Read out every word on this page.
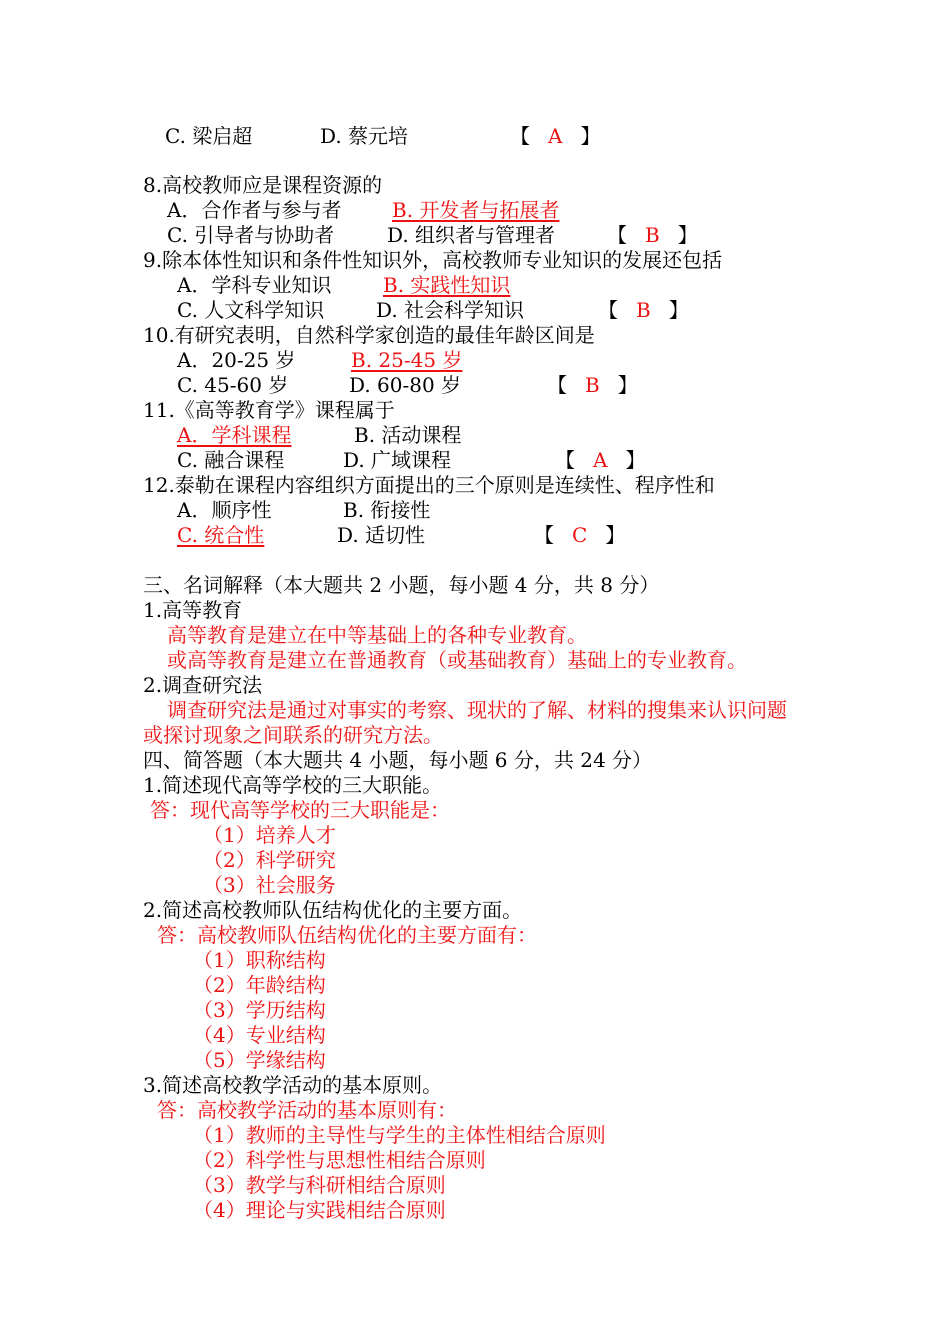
C. 梁启超	D. 蔡元培	【 A 】
8.高校教师应是课程资源的
A．合作者与参与者	B. 开发者与拓展者
C. 引导者与协助者	D. 组织者与管理者	【 B 】
9.除本体性知识和条件性知识外，高校教师专业知识的发展还包括
A．学科专业知识	B. 实践性知识
C. 人文科学知识	D. 社会科学知识	【 B 】
10.有研究表明，自然科学家创造的最佳年龄区间是
A．20-25 岁	B. 25-45 岁
C. 45-60 岁	D. 60-80 岁	【 B 】
11.《高等教育学》课程属于
A．学科课程	B. 活动课程
C. 融合课程	D. 广域课程	【 A 】
12.泰勒在课程内容组织方面提出的三个原则是连续性、程序性和
A．顺序性	B. 衔接性
C. 统合性	D. 适切性	【 C 】
三、名词解释（本大题共 2 小题，每小题 4 分，共 8 分）
1.高等教育
高等教育是建立在中等基础上的各种专业教育。
或高等教育是建立在普通教育（或基础教育）基础上的专业教育。
2.调查研究法
调查研究法是通过对事实的考察、现状的了解、材料的搜集来认识问题
或探讨现象之间联系的研究方法。
四、简答题（本大题共 4 小题，每小题 6 分，共 24 分）
1.简述现代高等学校的三大职能。
答：现代高等学校的三大职能是：
（1）培养人才
（2）科学研究
（3）社会服务
2.简述高校教师队伍结构优化的主要方面。
答：高校教师队伍结构优化的主要方面有：
（1）职称结构
（2）年龄结构
（3）学历结构
（4）专业结构
（5）学缘结构
3.简述高校教学活动的基本原则。
答：高校教学活动的基本原则有：
（1）教师的主导性与学生的主体性相结合原则
（2）科学性与思想性相结合原则
（3）教学与科研相结合原则
（4）理论与实践相结合原则
